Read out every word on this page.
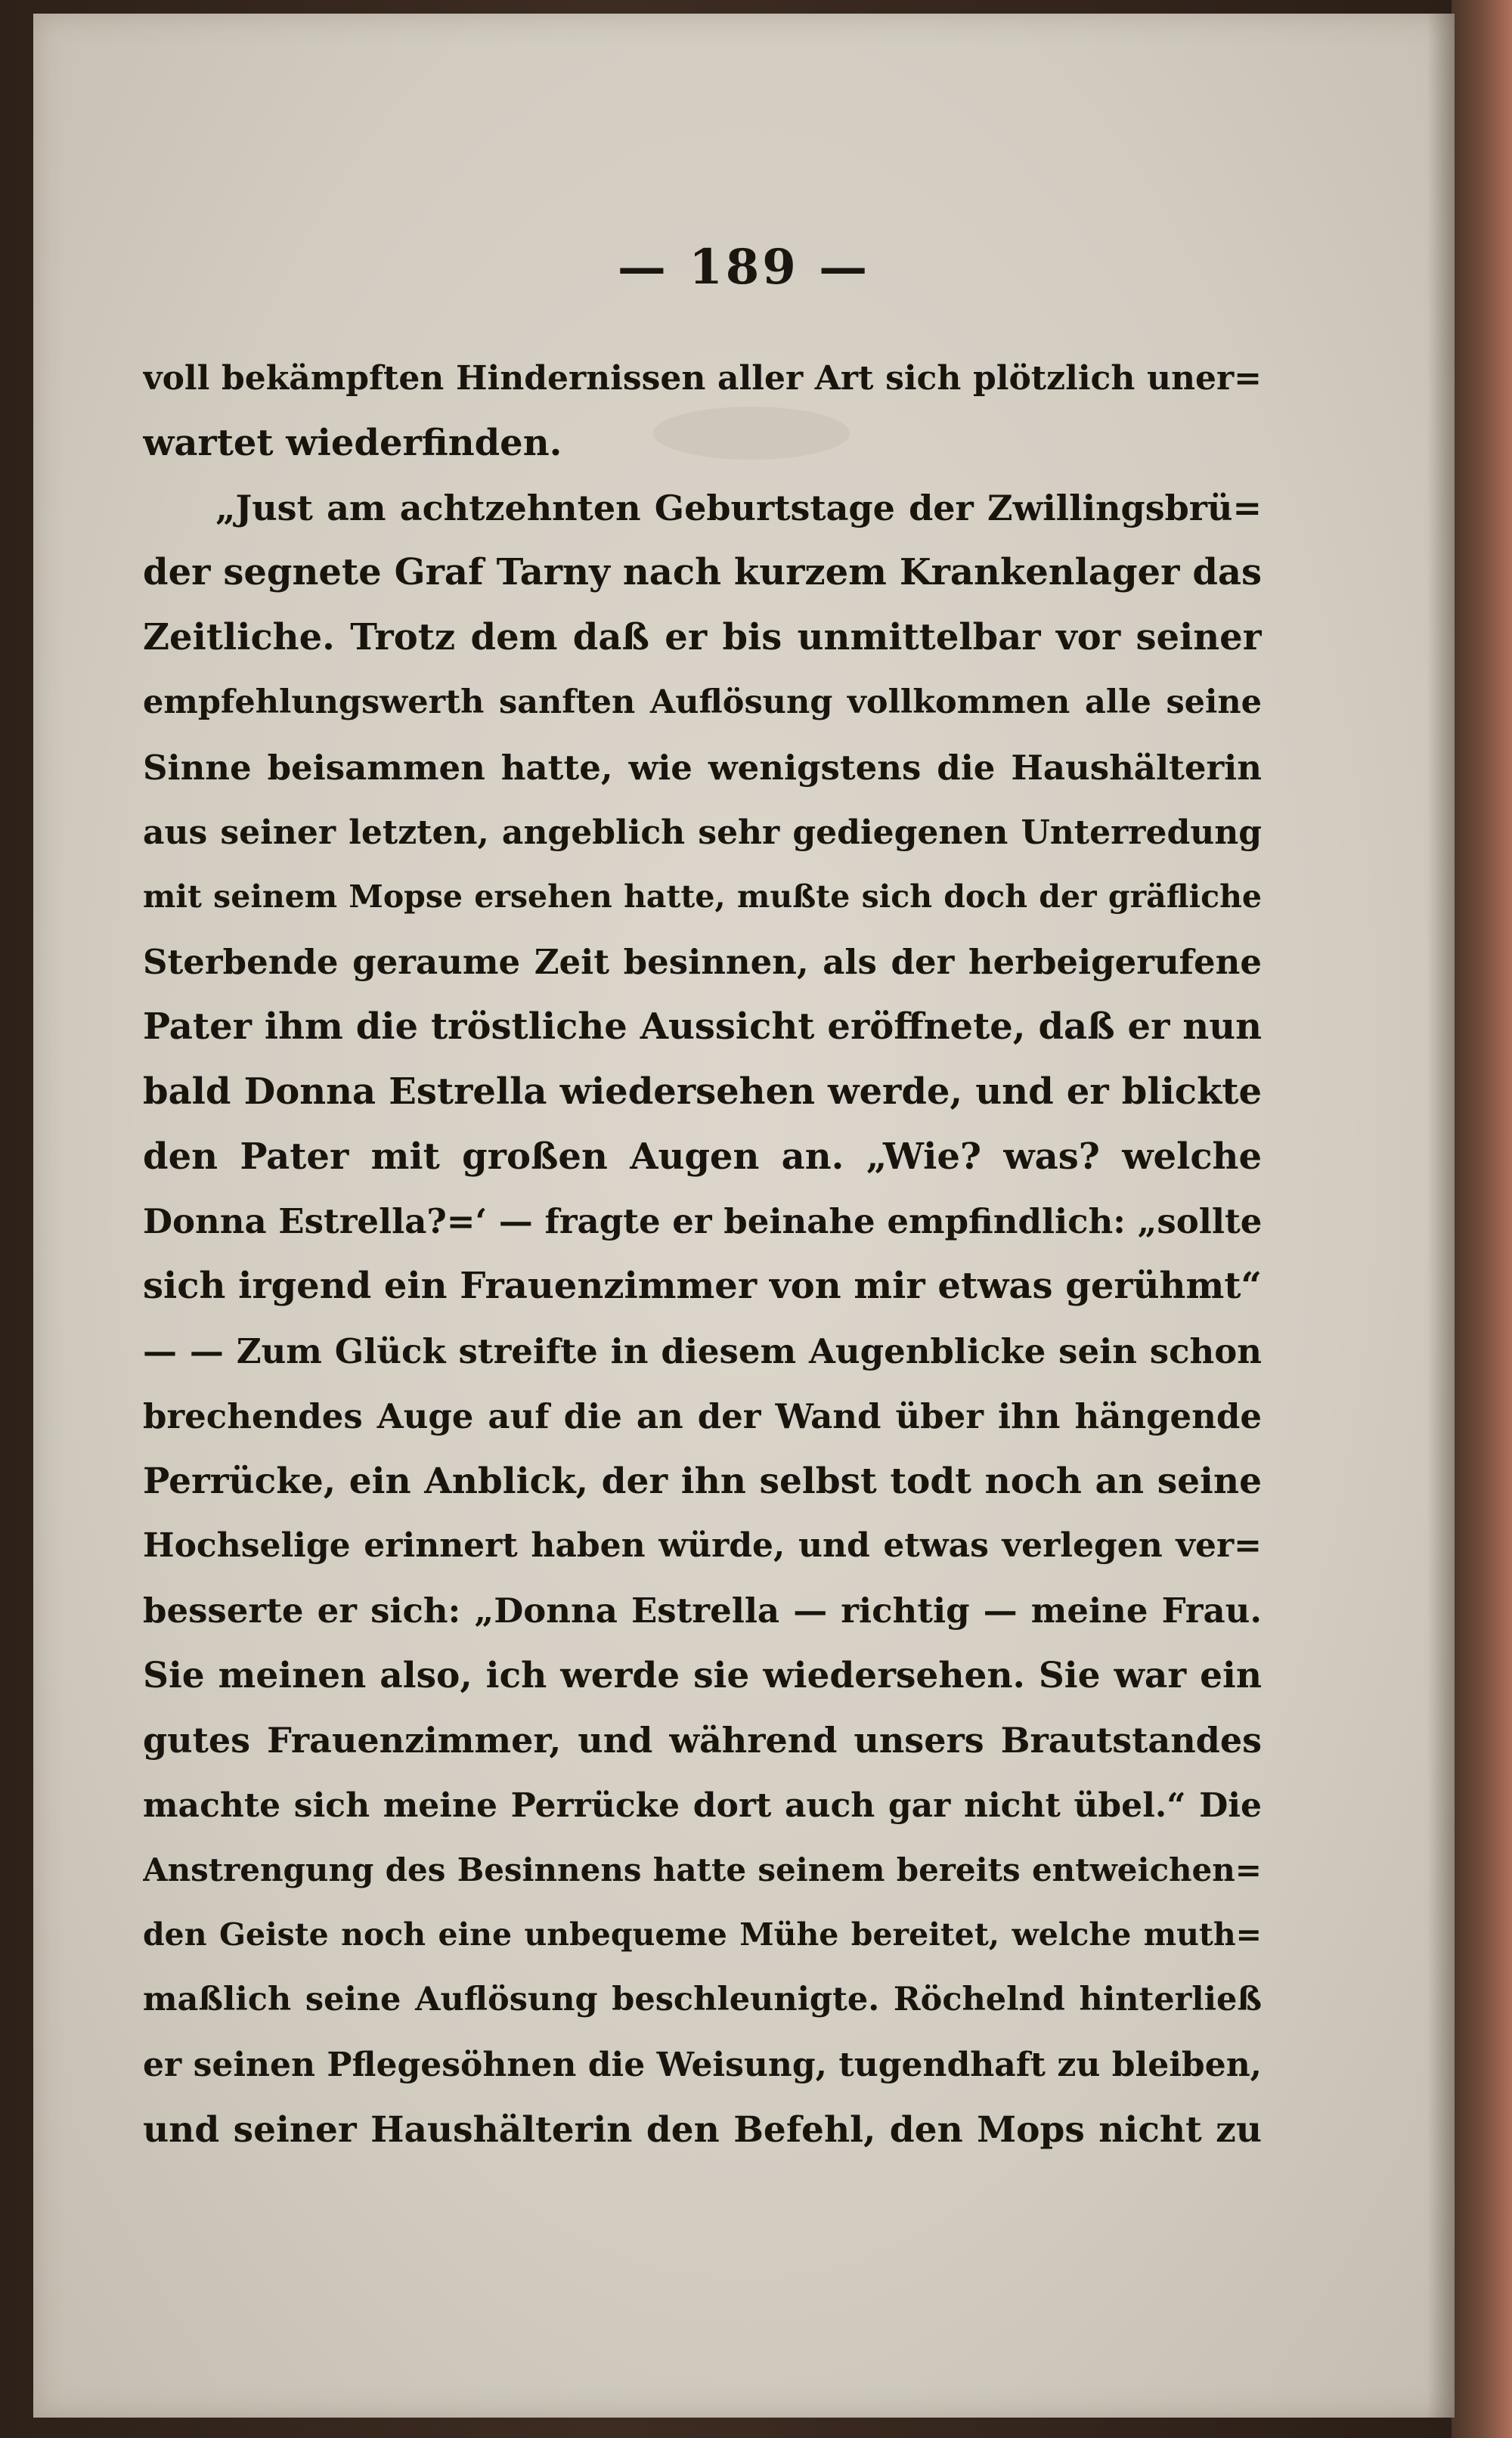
— 189 —
voll bekämpften Hindernissen aller Art sich plötzlich uner=
wartet wiederfinden.
„Just am achtzehnten Geburtstage der Zwillingsbrü=
der segnete Graf Tarny nach kurzem Krankenlager das
Zeitliche. Trotz dem daß er bis unmittelbar vor seiner
empfehlungswerth sanften Auflösung vollkommen alle seine
Sinne beisammen hatte, wie wenigstens die Haushälterin
aus seiner letzten, angeblich sehr gediegenen Unterredung
mit seinem Mopse ersehen hatte, mußte sich doch der gräfliche
Sterbende geraume Zeit besinnen, als der herbeigerufene
Pater ihm die tröstliche Aussicht eröffnete, daß er nun
bald Donna Estrella wiedersehen werde, und er blickte
den Pater mit großen Augen an. „Wie? was? welche
Donna Estrella?=‘ — fragte er beinahe empfindlich: „sollte
sich irgend ein Frauenzimmer von mir etwas gerühmt“
— — Zum Glück streifte in diesem Augenblicke sein schon
brechendes Auge auf die an der Wand über ihn hängende
Perrücke, ein Anblick, der ihn selbst todt noch an seine
Hochselige erinnert haben würde, und etwas verlegen ver=
besserte er sich: „Donna Estrella — richtig — meine Frau.
Sie meinen also, ich werde sie wiedersehen. Sie war ein
gutes Frauenzimmer, und während unsers Brautstandes
machte sich meine Perrücke dort auch gar nicht übel.“ Die
Anstrengung des Besinnens hatte seinem bereits entweichen=
den Geiste noch eine unbequeme Mühe bereitet, welche muth=
maßlich seine Auflösung beschleunigte. Röchelnd hinterließ
er seinen Pflegesöhnen die Weisung, tugendhaft zu bleiben,
und seiner Haushälterin den Befehl, den Mops nicht zu
